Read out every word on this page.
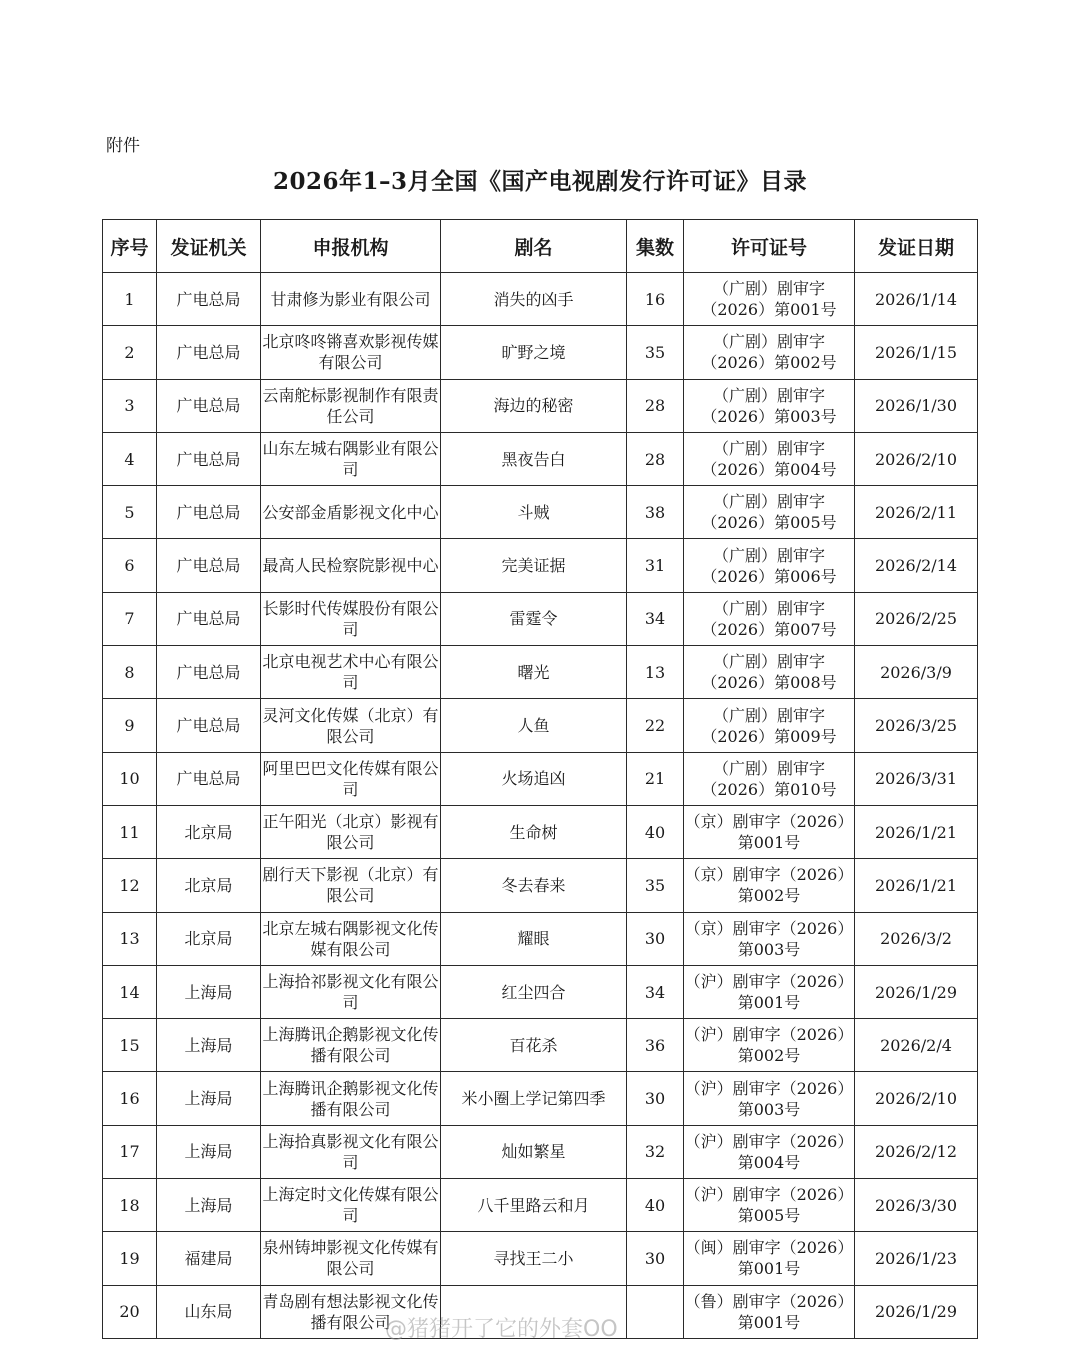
附件
2026年1–3月全国《国产电视剧发行许可证》目录
序号	发证机关	申报机构	剧名	集数	许可证号	发证日期
1	广电总局	甘肃修为影业有限公司	消失的凶手	16	（广剧）剧审字（2026）第001号	2026/1/14
2	广电总局	北京咚咚锵喜欢影视传媒有限公司	旷野之境	35	（广剧）剧审字（2026）第002号	2026/1/15
3	广电总局	云南舵标影视制作有限责任公司	海边的秘密	28	（广剧）剧审字（2026）第003号	2026/1/30
4	广电总局	山东左城右隅影业有限公司	黑夜告白	28	（广剧）剧审字（2026）第004号	2026/2/10
5	广电总局	公安部金盾影视文化中心	斗贼	38	（广剧）剧审字（2026）第005号	2026/2/11
6	广电总局	最高人民检察院影视中心	完美证据	31	（广剧）剧审字（2026）第006号	2026/2/14
7	广电总局	长影时代传媒股份有限公司	雷霆令	34	（广剧）剧审字（2026）第007号	2026/2/25
8	广电总局	北京电视艺术中心有限公司	曙光	13	（广剧）剧审字（2026）第008号	2026/3/9
9	广电总局	灵河文化传媒（北京）有限公司	人鱼	22	（广剧）剧审字（2026）第009号	2026/3/25
10	广电总局	阿里巴巴文化传媒有限公司	火场追凶	21	（广剧）剧审字（2026）第010号	2026/3/31
11	北京局	正午阳光（北京）影视有限公司	生命树	40	（京）剧审字（2026）第001号	2026/1/21
12	北京局	剧行天下影视（北京）有限公司	冬去春来	35	（京）剧审字（2026）第002号	2026/1/21
13	北京局	北京左城右隅影视文化传媒有限公司	耀眼	30	（京）剧审字（2026）第003号	2026/3/2
14	上海局	上海拾祁影视文化有限公司	红尘四合	34	（沪）剧审字（2026）第001号	2026/1/29
15	上海局	上海腾讯企鹅影视文化传播有限公司	百花杀	36	（沪）剧审字（2026）第002号	2026/2/4
16	上海局	上海腾讯企鹅影视文化传播有限公司	米小圈上学记第四季	30	（沪）剧审字（2026）第003号	2026/2/10
17	上海局	上海拾真影视文化有限公司	灿如繁星	32	（沪）剧审字（2026）第004号	2026/2/12
18	上海局	上海定时文化传媒有限公司	八千里路云和月	40	（沪）剧审字（2026）第005号	2026/3/30
19	福建局	泉州铸坤影视文化传媒有限公司	寻找王二小	30	（闽）剧审字（2026）第001号	2026/1/23
20	山东局	青岛剧有想法影视文化传播有限公司			（鲁）剧审字（2026）第001号	2026/1/29
@猪猪开了它的外套OO
